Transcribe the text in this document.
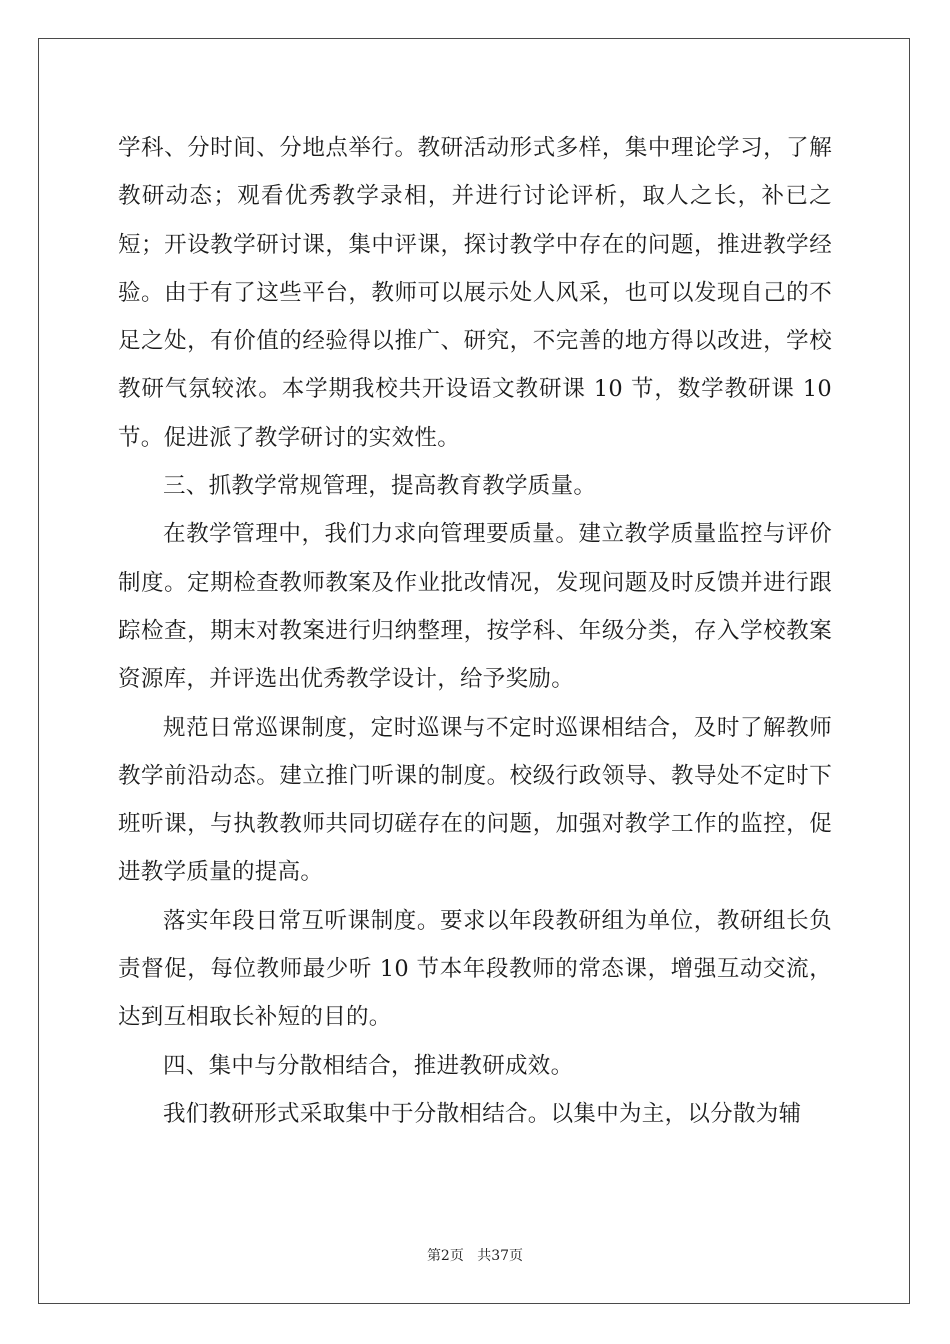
学科、分时间、分地点举行。教研活动形式多样，集中理论学习，了解教研动态；观看优秀教学录相，并进行讨论评析，取人之长，补已之短；开设教学研讨课，集中评课，探讨教学中存在的问题，推进教学经验。由于有了这些平台，教师可以展示处人风采，也可以发现自己的不足之处，有价值的经验得以推广、研究，不完善的地方得以改进，学校教研气氛较浓。本学期我校共开设语文教研课 10 节，数学教研课 10 节。促进派了教学研讨的实效性。

三、抓教学常规管理，提高教育教学质量。

在教学管理中，我们力求向管理要质量。建立教学质量监控与评价制度。定期检查教师教案及作业批改情况，发现问题及时反馈并进行跟踪检查，期末对教案进行归纳整理，按学科、年级分类，存入学校教案资源库，并评选出优秀教学设计，给予奖励。

规范日常巡课制度，定时巡课与不定时巡课相结合，及时了解教师教学前沿动态。建立推门听课的制度。校级行政领导、教导处不定时下班听课，与执教教师共同切磋存在的问题，加强对教学工作的监控，促进教学质量的提高。

落实年段日常互听课制度。要求以年段教研组为单位，教研组长负责督促，每位教师最少听 10 节本年段教师的常态课，增强互动交流，达到互相取长补短的目的。

四、集中与分散相结合，推进教研成效。

我们教研形式采取集中于分散相结合。以集中为主，以分散为辅

第2页 共37页
